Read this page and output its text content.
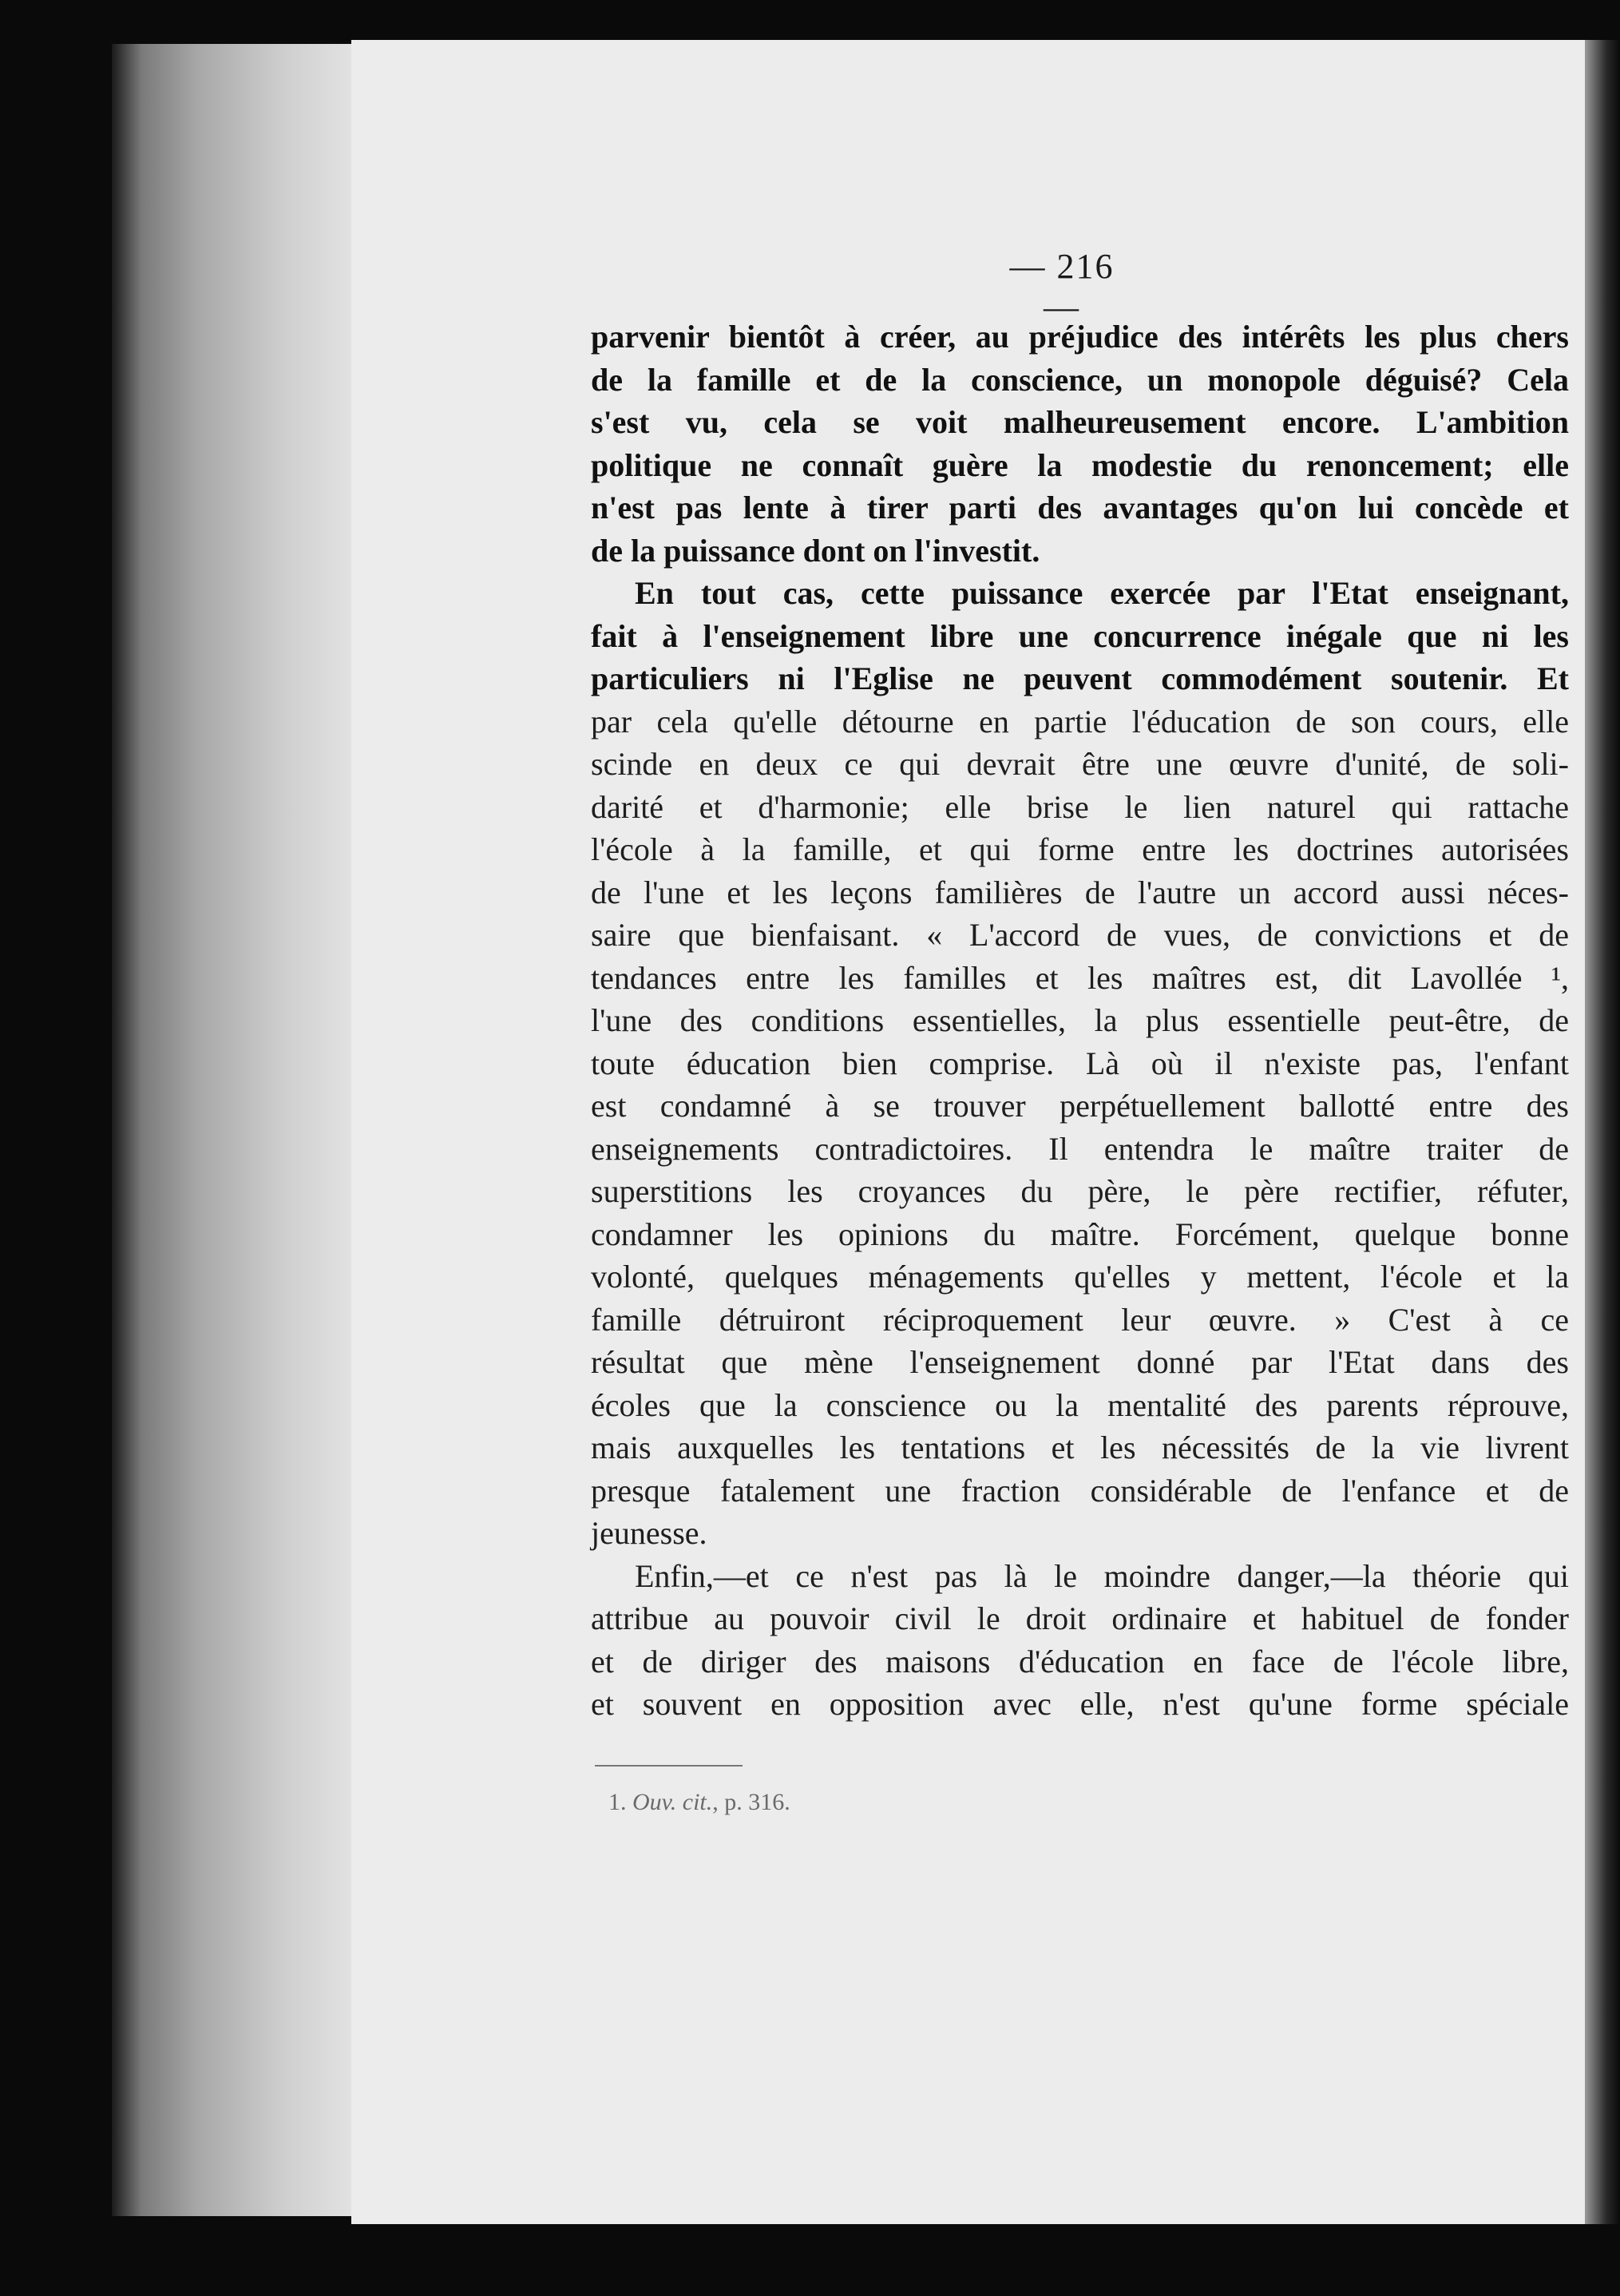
— 216 —
parvenir bientôt à créer, au préjudice des intérêts les plus chers
de la famille et de la conscience, un monopole déguisé? Cela
s'est vu, cela se voit malheureusement encore. L'ambition
politique ne connaît guère la modestie du renoncement; elle
n'est pas lente à tirer parti des avantages qu'on lui concède et
de la puissance dont on l'investit.
En tout cas, cette puissance exercée par l'Etat enseignant,
fait à l'enseignement libre une concurrence inégale que ni les
particuliers ni l'Eglise ne peuvent commodément soutenir. Et
par cela qu'elle détourne en partie l'éducation de son cours, elle
scinde en deux ce qui devrait être une œuvre d'unité, de soli-
darité et d'harmonie; elle brise le lien naturel qui rattache
l'école à la famille, et qui forme entre les doctrines autorisées
de l'une et les leçons familières de l'autre un accord aussi néces-
saire que bienfaisant. « L'accord de vues, de convictions et de
tendances entre les familles et les maîtres est, dit Lavollée ¹,
l'une des conditions essentielles, la plus essentielle peut-être, de
toute éducation bien comprise. Là où il n'existe pas, l'enfant
est condamné à se trouver perpétuellement ballotté entre des
enseignements contradictoires. Il entendra le maître traiter de
superstitions les croyances du père, le père rectifier, réfuter,
condamner les opinions du maître. Forcément, quelque bonne
volonté, quelques ménagements qu'elles y mettent, l'école et la
famille détruiront réciproquement leur œuvre. » C'est à ce
résultat que mène l'enseignement donné par l'Etat dans des
écoles que la conscience ou la mentalité des parents réprouve,
mais auxquelles les tentations et les nécessités de la vie livrent
presque fatalement une fraction considérable de l'enfance et de
jeunesse.
Enfin,—et ce n'est pas là le moindre danger,—la théorie qui
attribue au pouvoir civil le droit ordinaire et habituel de fonder
et de diriger des maisons d'éducation en face de l'école libre,
et souvent en opposition avec elle, n'est qu'une forme spéciale
1. Ouv. cit., p. 316.
